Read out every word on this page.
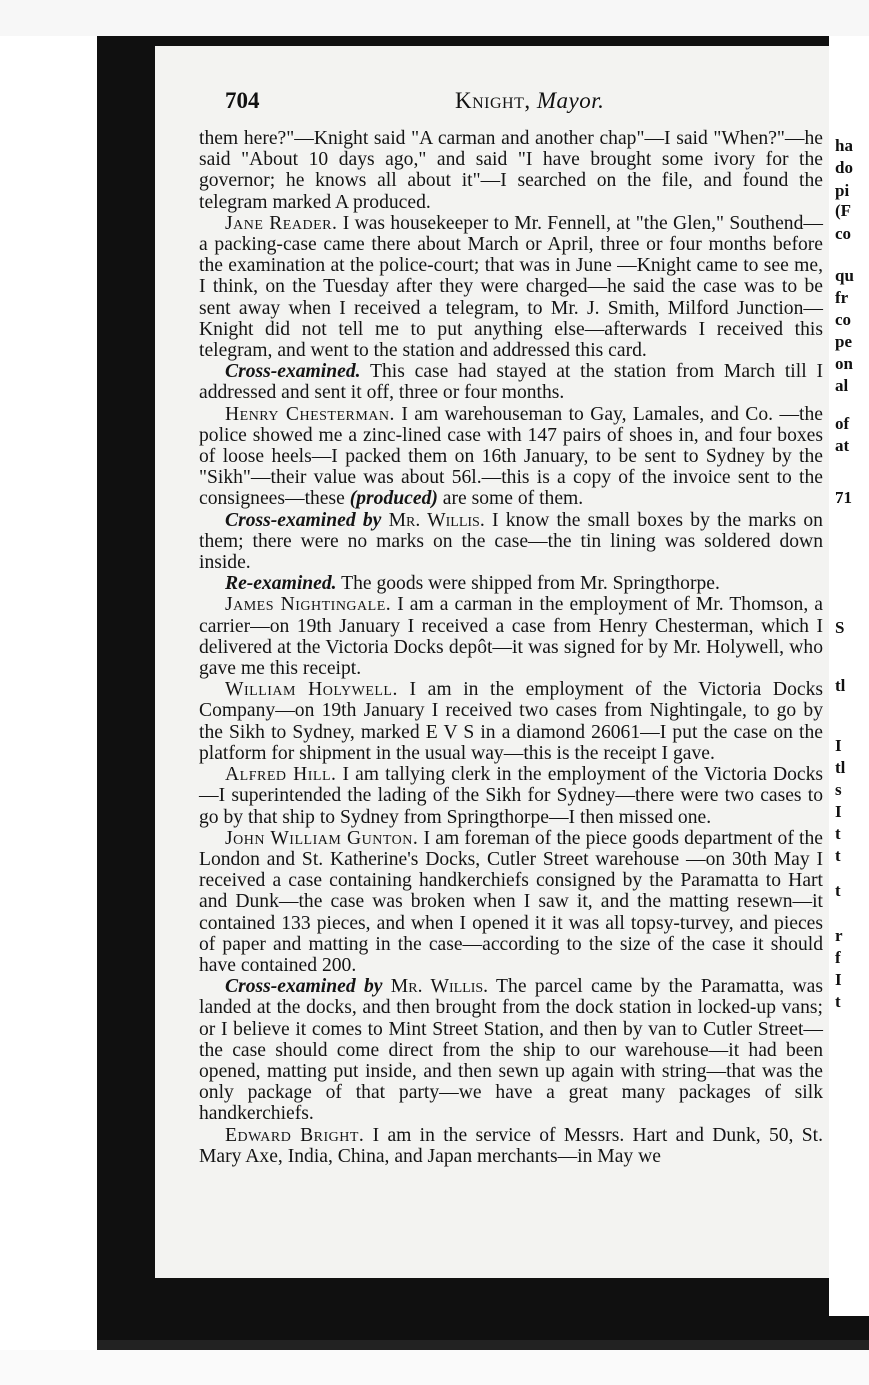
ha
do
pi
(F
co
qu
fr
co
pe
on
al
of
at
71
S
tl
I
tl
s
I
t
t
t
r
f
I
t
704	Knight, Mayor.

them here?"—Knight said "A carman and another chap"—I said "When?"—he said "About 10 days ago," and said "I have brought some ivory for the governor; he knows all about it"—I searched on the file, and found the telegram marked A produced.

Jane Reader. I was housekeeper to Mr. Fennell, at "the Glen," Southend—a packing-case came there about March or April, three or four months before the examination at the police-court; that was in June —Knight came to see me, I think, on the Tuesday after they were charged—he said the case was to be sent away when I received a telegram, to Mr. J. Smith, Milford Junction—Knight did not tell me to put anything else—afterwards I received this telegram, and went to the station and addressed this card.

Cross-examined. This case had stayed at the station from March till I addressed and sent it off, three or four months.

Henry Chesterman. I am warehouseman to Gay, Lamales, and Co. —the police showed me a zinc-lined case with 147 pairs of shoes in, and four boxes of loose heels—I packed them on 16th January, to be sent to Sydney by the "Sikh"—their value was about 56l.—this is a copy of the invoice sent to the consignees—these (produced) are some of them.

Cross-examined by Mr. Willis. I know the small boxes by the marks on them; there were no marks on the case—the tin lining was soldered down inside.

Re-examined. The goods were shipped from Mr. Springthorpe.

James Nightingale. I am a carman in the employment of Mr. Thomson, a carrier—on 19th January I received a case from Henry Chesterman, which I delivered at the Victoria Docks depôt—it was signed for by Mr. Holywell, who gave me this receipt.

William Holywell. I am in the employment of the Victoria Docks Company—on 19th January I received two cases from Nightingale, to go by the Sikh to Sydney, marked E V S in a diamond 26061—I put the case on the platform for shipment in the usual way—this is the receipt I gave.

Alfred Hill. I am tallying clerk in the employment of the Victoria Docks—I superintended the lading of the Sikh for Sydney—there were two cases to go by that ship to Sydney from Springthorpe—I then missed one.

John William Gunton. I am foreman of the piece goods department of the London and St. Katherine's Docks, Cutler Street warehouse —on 30th May I received a case containing handkerchiefs consigned by the Paramatta to Hart and Dunk—the case was broken when I saw it, and the matting resewn—it contained 133 pieces, and when I opened it it was all topsy-turvey, and pieces of paper and matting in the case—according to the size of the case it should have contained 200.

Cross-examined by Mr. Willis. The parcel came by the Paramatta, was landed at the docks, and then brought from the dock station in locked-up vans; or I believe it comes to Mint Street Station, and then by van to Cutler Street—the case should come direct from the ship to our warehouse—it had been opened, matting put inside, and then sewn up again with string—that was the only package of that party—we have a great many packages of silk handkerchiefs.

Edward Bright. I am in the service of Messrs. Hart and Dunk, 50, St. Mary Axe, India, China, and Japan merchants—in May we
